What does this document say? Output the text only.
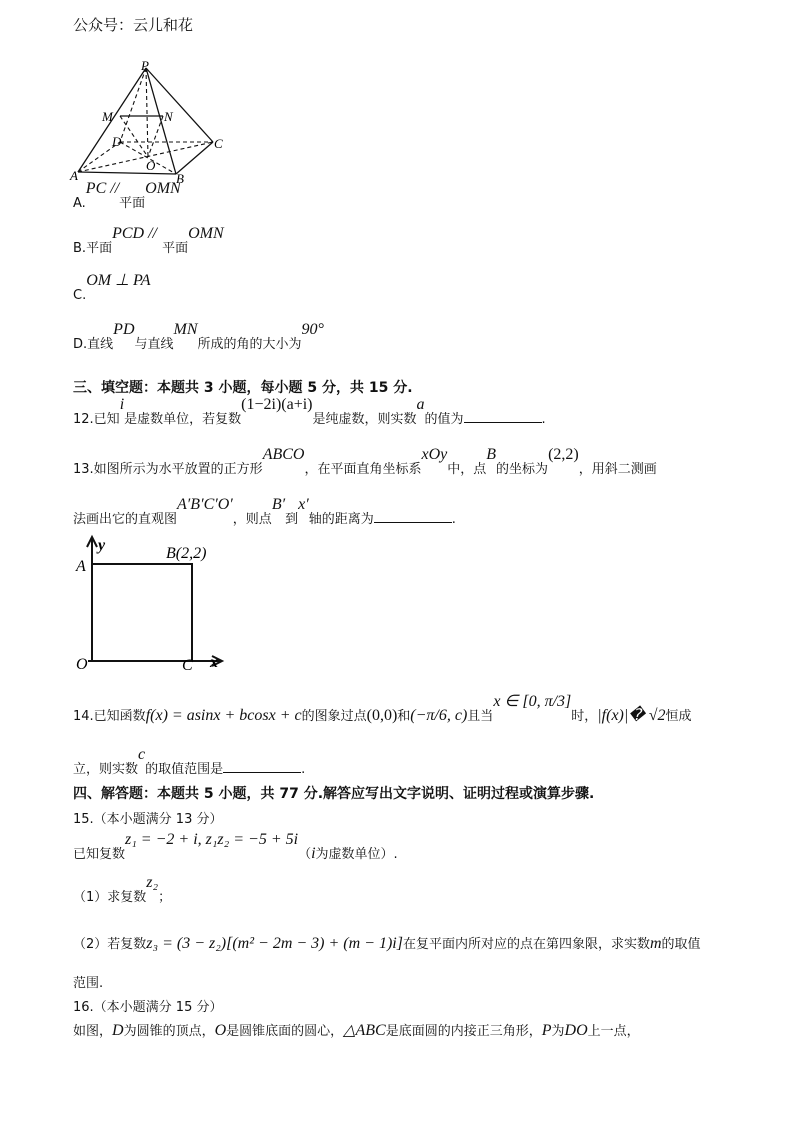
公众号：云儿和花
P
M	N
D	C
O
A	B
A.PC //平面OMN
B.平面PCD // 平面OMN
C.OM ⊥ PA
D.直线PD与直线MN所成的角的大小为90°
三、填空题：本题共 3 小题，每小题 5 分，共 15 分.
12.已知i是虚数单位，若复数(1−2i)(a+i)是纯虚数，则实数a的值为	.
13.如图所示为水平放置的正方形ABCO，在平面直角坐标系xOy中，点B的坐标为(2,2)，用斜二测画
法画出它的直观图A′B′C′O′，则点B′到x′轴的距离为	.
y
A
B(2,2)
O	C x
14.已知函数f(x) = asinx + bcosx + c的图象过点(0,0)和(−π/6, c)且当x ∈ [0, π/3]时，|f(x)|� √2恒成
立，则实数c的取值范围是	.
四、解答题：本题共 5 小题，共 77 分.解答应写出文字说明、证明过程或演算步骤.
15.（本小题满分 13 分）
已知复数z₁ = −2 + i, z₁z₂ = −5 + 5i（i为虚数单位）.
（1）求复数z₂；
（2）若复数z₃ = (3 − z₂)[(m² − 2m − 3) + (m − 1)i]在复平面内所对应的点在第四象限，求实数m的取值
范围.
16.（本小题满分 15 分）
如图，D为圆锥的顶点，O是圆锥底面的圆心，△ABC是底面圆的内接正三角形，P为DO上一点，
